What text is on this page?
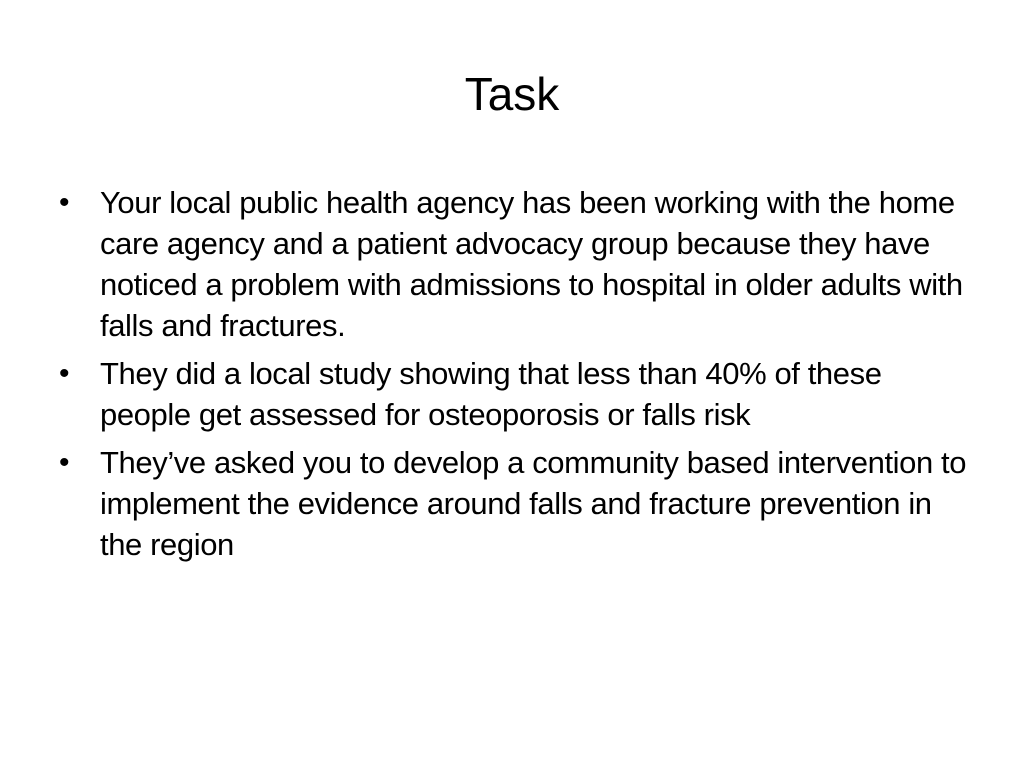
Task
• Your local public health agency has been working with the home care agency and a patient advocacy group because they have noticed a problem with admissions to hospital in older adults with falls and fractures.
• They did a local study showing that less than 40% of these people get assessed for osteoporosis or falls risk
• They’ve asked you to develop a community based intervention to implement the evidence around falls and fracture prevention in the region
